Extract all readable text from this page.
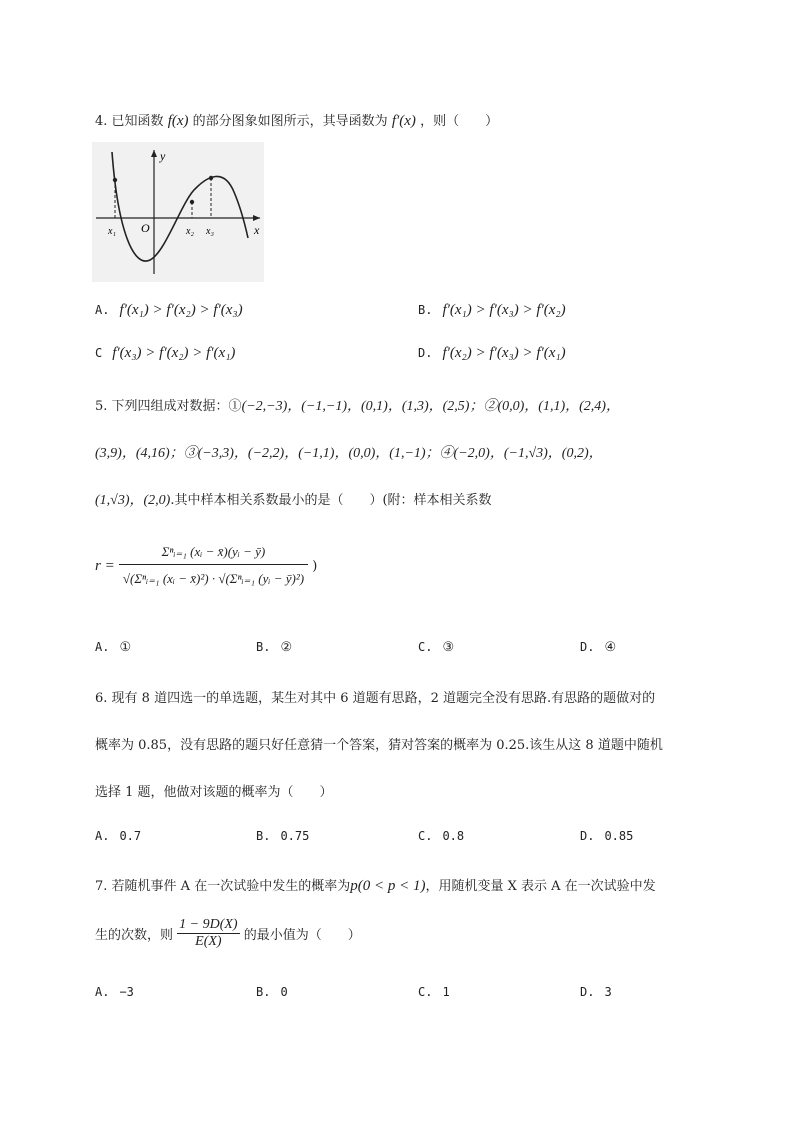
4. 已知函数 f(x) 的部分图象如图所示，其导函数为 f′(x) ，则（　　）
y
x
O
x₁	x₂ x₃
A. f′(x₁) > f′(x₂) > f′(x₃)	B. f′(x₁) > f′(x₃) > f′(x₂)
C f′(x₃) > f′(x₂) > f′(x₁)	D. f′(x₂) > f′(x₃) > f′(x₁)
5. 下列四组成对数据：①(−2,−3)，(−1,−1)，(0,1)，(1,3)，(2,5)；②(0,0)，(1,1)，(2,4)，
(3,9)，(4,16)；③(−3,3)，(−2,2)，(−1,1)，(0,0)，(1,−1)；④(−2,0)，(−1,√3)，(0,2)，
(1,√3)，(2,0).其中样本相关系数最小的是（　　）(附：样本相关系数
$r = \frac{\text{Σⁿᵢ₌₁ (xᵢ − x̄)(yᵢ − ȳ)}}{\text{√(Σⁿᵢ₌₁ (xᵢ − x̄)²) · √(Σⁿᵢ₌₁ (yᵢ − ȳ)²)}}$ )
A. ①	B. ②	C. ③	D. ④
6. 现有 8 道四选一的单选题，某生对其中 6 道题有思路，2 道题完全没有思路.有思路的题做对的
概率为 0.85，没有思路的题只好任意猜一个答案，猜对答案的概率为 0.25.该生从这 8 道题中随机
选择 1 题，他做对该题的概率为（　　）
A. 0.7	B. 0.75	C. 0.8	D. 0.85
7. 若随机事件 A 在一次试验中发生的概率为p(0 < p < 1)，用随机变量 X 表示 A 在一次试验中发
生的次数，则 $\frac{1 - 9D(X)}{E(X)}$ 的最小值为（　　）
A. −3	B. 0	C. 1	D. 3
